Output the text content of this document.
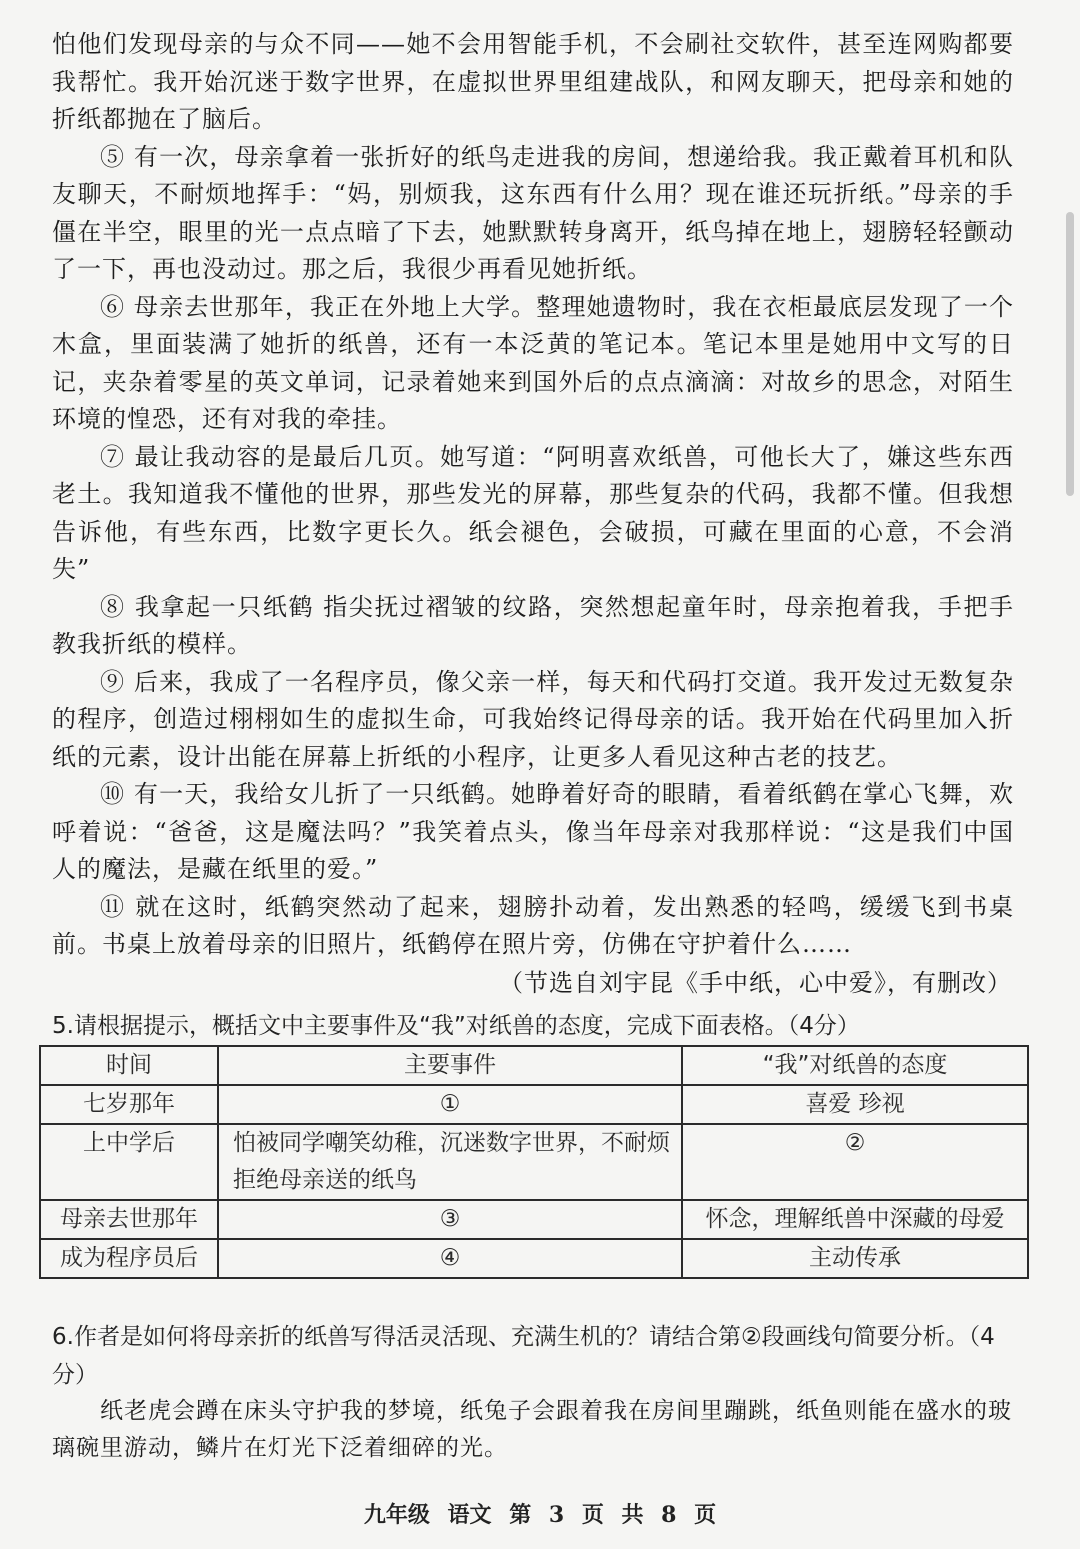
怕他们发现母亲的与众不同——她不会用智能手机，不会刷社交软件，甚至连网购都要我帮忙。我开始沉迷于数字世界，在虚拟世界里组建战队，和网友聊天，把母亲和她的折纸都抛在了脑后。

⑤ 有一次，母亲拿着一张折好的纸鸟走进我的房间，想递给我。我正戴着耳机和队友聊天，不耐烦地挥手：“妈，别烦我，这东西有什么用？现在谁还玩折纸。”母亲的手僵在半空，眼里的光一点点暗了下去，她默默转身离开，纸鸟掉在地上，翅膀轻轻颤动了一下，再也没动过。那之后，我很少再看见她折纸。

⑥ 母亲去世那年，我正在外地上大学。整理她遗物时，我在衣柜最底层发现了一个木盒，里面装满了她折的纸兽，还有一本泛黄的笔记本。笔记本里是她用中文写的日记，夹杂着零星的英文单词，记录着她来到国外后的点点滴滴：对故乡的思念，对陌生环境的惶恐，还有对我的牵挂。

⑦ 最让我动容的是最后几页。她写道：“阿明喜欢纸兽，可他长大了，嫌这些东西老土。我知道我不懂他的世界，那些发光的屏幕，那些复杂的代码，我都不懂。但我想告诉他，有些东西，比数字更长久。纸会褪色，会破损，可藏在里面的心意，不会消失”

⑧ 我拿起一只纸鹤 指尖抚过褶皱的纹路，突然想起童年时，母亲抱着我，手把手教我折纸的模样。

⑨ 后来，我成了一名程序员，像父亲一样，每天和代码打交道。我开发过无数复杂的程序，创造过栩栩如生的虚拟生命，可我始终记得母亲的话。我开始在代码里加入折纸的元素，设计出能在屏幕上折纸的小程序，让更多人看见这种古老的技艺。

⑩ 有一天，我给女儿折了一只纸鹤。她睁着好奇的眼睛，看着纸鹤在掌心飞舞，欢呼着说：“爸爸，这是魔法吗？”我笑着点头，像当年母亲对我那样说：“这是我们中国人的魔法，是藏在纸里的爱。”

⑪ 就在这时，纸鹤突然动了起来，翅膀扑动着，发出熟悉的轻鸣，缓缓飞到书桌前。书桌上放着母亲的旧照片，纸鹤停在照片旁，仿佛在守护着什么……

（节选自刘宇昆《手中纸，心中爱》，有删改）

5.请根据提示，概括文中主要事件及“我”对纸兽的态度，完成下面表格。（4分）
时间	主要事件	“我”对纸兽的态度
七岁那年	①	喜爱 珍视
上中学后	怕被同学嘲笑幼稚，沉迷数字世界，不耐烦拒绝母亲送的纸鸟	②
母亲去世那年	③	怀念，理解纸兽中深藏的母爱
成为程序员后	④	主动传承

6.作者是如何将母亲折的纸兽写得活灵活现、充满生机的？请结合第②段画线句简要分析。（4分）

纸老虎会蹲在床头守护我的梦境，纸兔子会跟着我在房间里蹦跳，纸鱼则能在盛水的玻璃碗里游动，鳞片在灯光下泛着细碎的光。

九年级 语文 第 3 页 共 8 页
